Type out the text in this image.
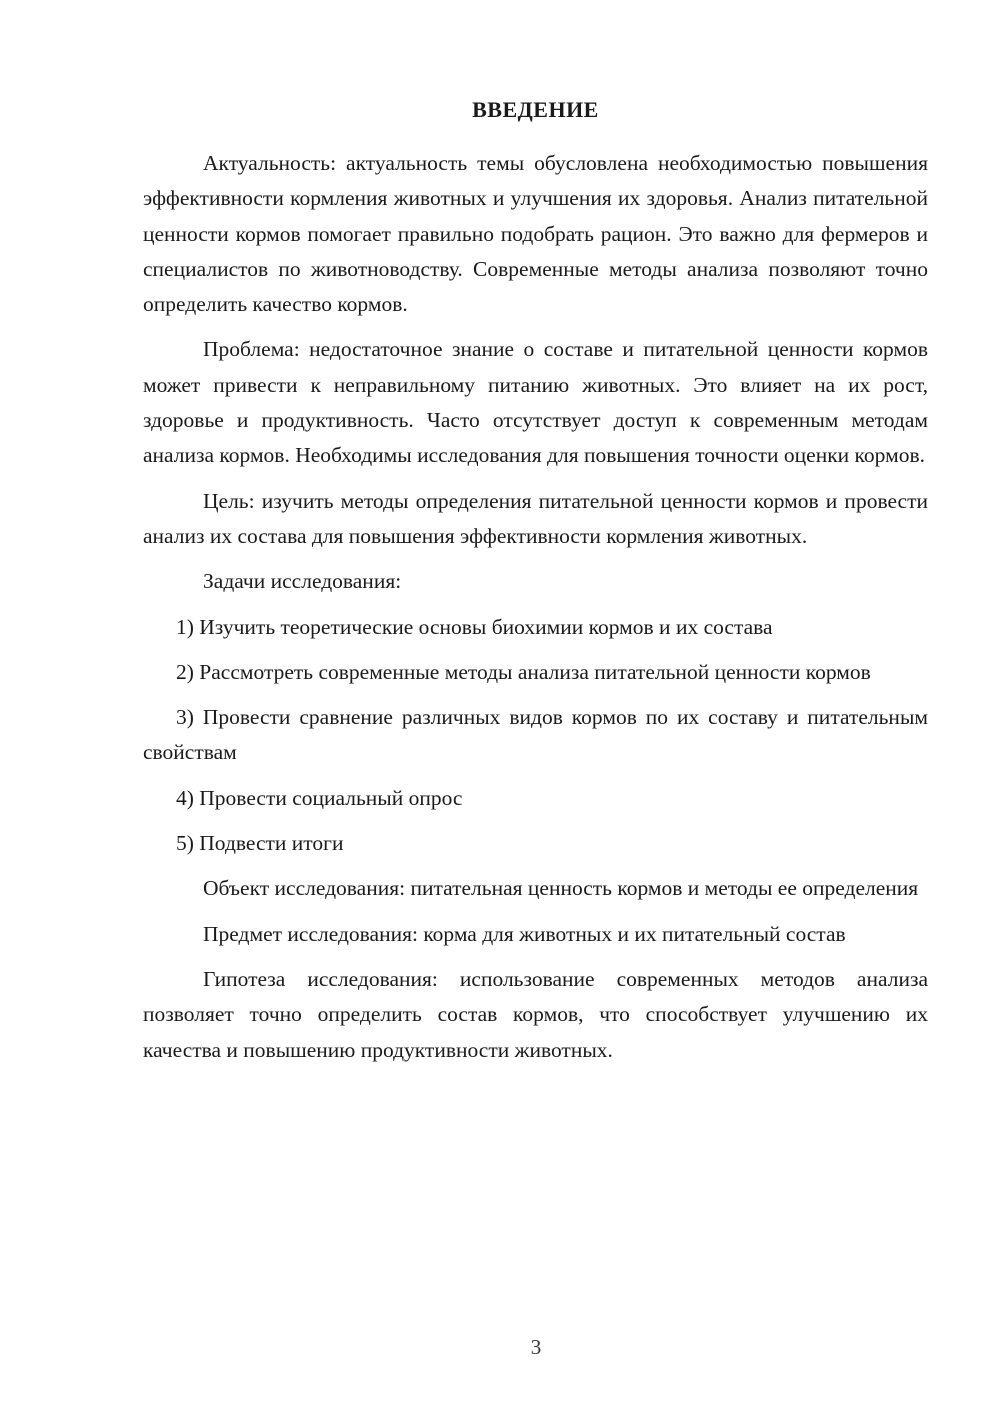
ВВЕДЕНИЕ

Актуальность: актуальность темы обусловлена необходимостью повышения эффективности кормления животных и улучшения их здоровья. Анализ питательной ценности кормов помогает правильно подобрать рацион. Это важно для фермеров и специалистов по животноводству. Современные методы анализа позволяют точно определить качество кормов.

Проблема: недостаточное знание о составе и питательной ценности кормов может привести к неправильному питанию животных. Это влияет на их рост, здоровье и продуктивность. Часто отсутствует доступ к современным методам анализа кормов. Необходимы исследования для повышения точности оценки кормов.

Цель: изучить методы определения питательной ценности кормов и провести анализ их состава для повышения эффективности кормления животных.

Задачи исследования:

1) Изучить теоретические основы биохимии кормов и их состава

2) Рассмотреть современные методы анализа питательной ценности кормов

3) Провести сравнение различных видов кормов по их составу и питательным свойствам

4) Провести социальный опрос

5) Подвести итоги

Объект исследования: питательная ценность кормов и методы ее определения

Предмет исследования: корма для животных и их питательный состав

Гипотеза исследования: использование современных методов анализа позволяет точно определить состав кормов, что способствует улучшению их качества и повышению продуктивности животных.

3
